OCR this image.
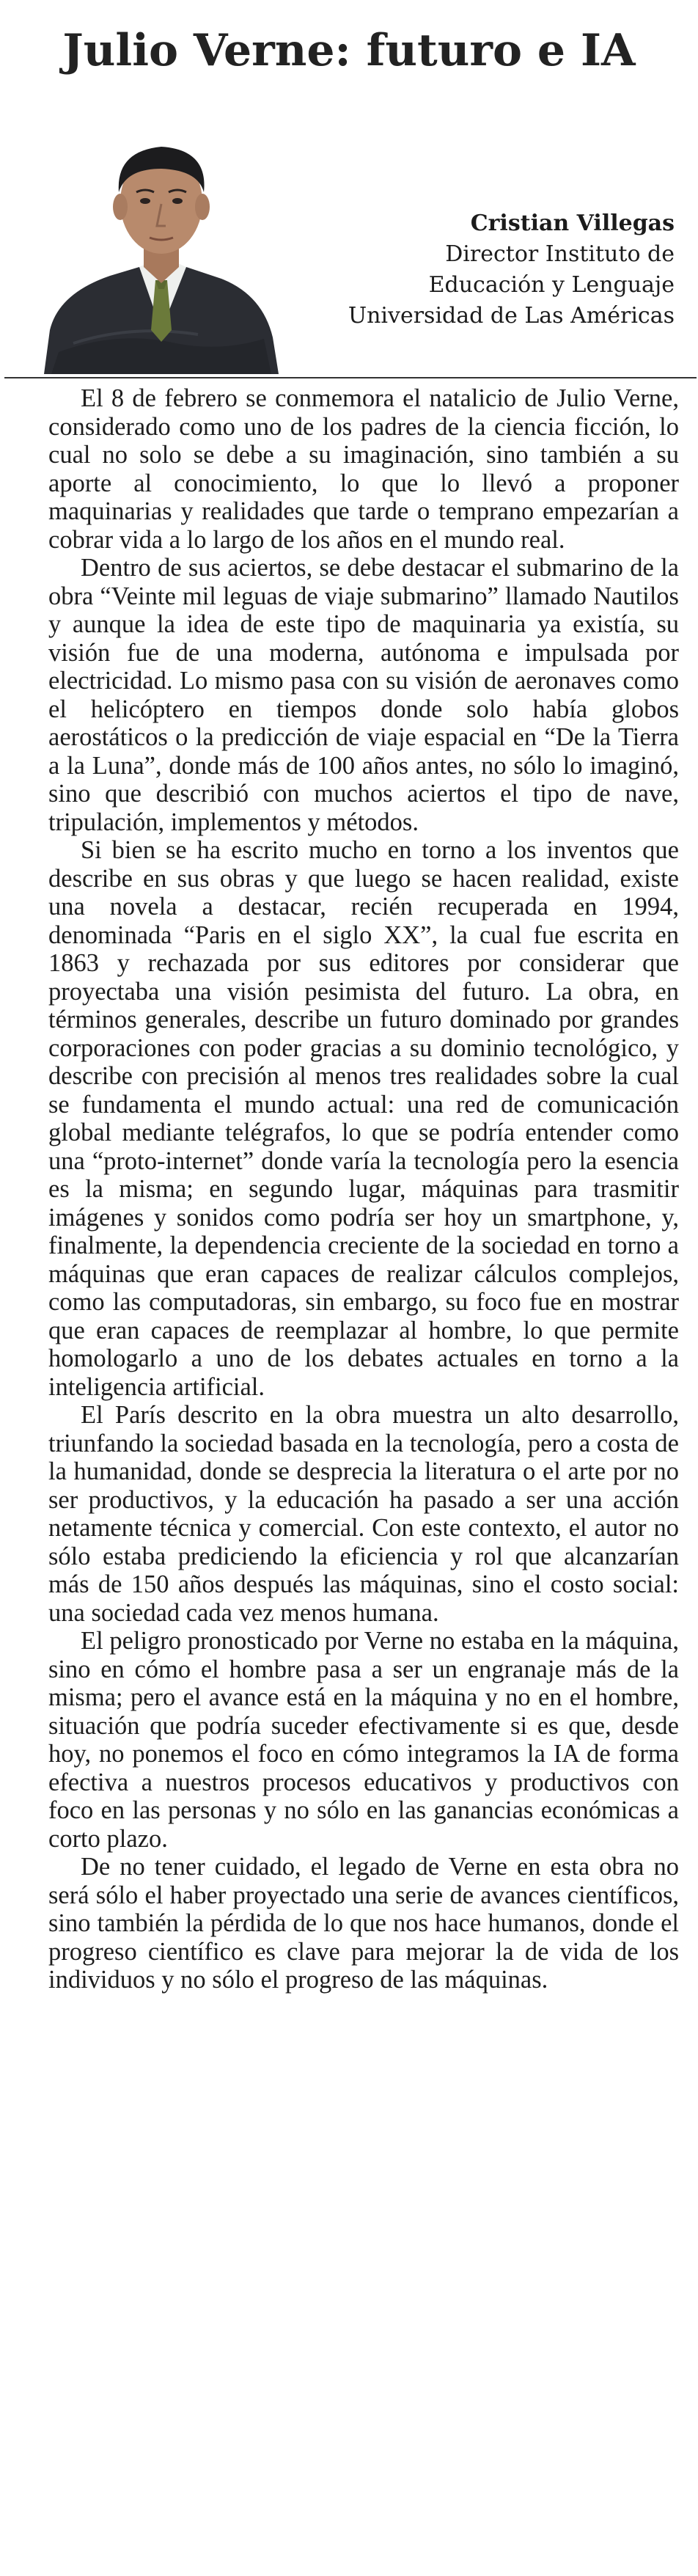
Julio Verne: futuro e IA
Cristian Villegas
Director Instituto de
Educación y Lenguaje
Universidad de Las Américas

El 8 de febrero se conmemora el natalicio de Julio Verne, considerado como uno de los padres de la ciencia ficción, lo cual no solo se debe a su imaginación, sino también a su aporte al conocimiento, lo que lo llevó a proponer maquinarias y realidades que tarde o temprano empezarían a cobrar vida a lo largo de los años en el mundo real.

Dentro de sus aciertos, se debe destacar el submarino de la obra “Veinte mil leguas de viaje submarino” llamado Nautilos y aunque la idea de este tipo de maquinaria ya existía, su visión fue de una moderna, autónoma e impulsada por electricidad. Lo mismo pasa con su visión de aeronaves como el helicóptero en tiempos donde solo había globos aerostáticos o la predicción de viaje espacial en “De la Tierra a la Luna”, donde más de 100 años antes, no sólo lo imaginó, sino que describió con muchos aciertos el tipo de nave, tripulación, implementos y métodos.

Si bien se ha escrito mucho en torno a los inventos que describe en sus obras y que luego se hacen realidad, existe una novela a destacar, recién recuperada en 1994, denominada “Paris en el siglo XX”, la cual fue escrita en 1863 y rechazada por sus editores por considerar que proyectaba una visión pesimista del futuro. La obra, en términos generales, describe un futuro dominado por grandes corporaciones con poder gracias a su dominio tecnológico, y describe con precisión al menos tres realidades sobre la cual se fundamenta el mundo actual: una red de comunicación global mediante telégrafos, lo que se podría entender como una “proto-internet” donde varía la tecnología pero la esencia es la misma; en segundo lugar, máquinas para trasmitir imágenes y sonidos como podría ser hoy un smartphone, y, finalmente, la dependencia creciente de la sociedad en torno a máquinas que eran capaces de realizar cálculos complejos, como las computadoras, sin embargo, su foco fue en mostrar que eran capaces de reemplazar al hombre, lo que permite homologarlo a uno de los debates actuales en torno a la inteligencia artificial.

El París descrito en la obra muestra un alto desarrollo, triunfando la sociedad basada en la tecnología, pero a costa de la humanidad, donde se desprecia la literatura o el arte por no ser productivos, y la educación ha pasado a ser una acción netamente técnica y comercial. Con este contexto, el autor no sólo estaba prediciendo la eficiencia y rol que alcanzarían más de 150 años después las máquinas, sino el costo social: una sociedad cada vez menos humana.

El peligro pronosticado por Verne no estaba en la máquina, sino en cómo el hombre pasa a ser un engranaje más de la misma; pero el avance está en la máquina y no en el hombre, situación que podría suceder efectivamente si es que, desde hoy, no ponemos el foco en cómo integramos la IA de forma efectiva a nuestros procesos educativos y productivos con foco en las personas y no sólo en las ganancias económicas a corto plazo.

De no tener cuidado, el legado de Verne en esta obra no será sólo el haber proyectado una serie de avances científicos, sino también la pérdida de lo que nos hace humanos, donde el progreso científico es clave para mejorar la de vida de los individuos y no sólo el progreso de las máquinas.
